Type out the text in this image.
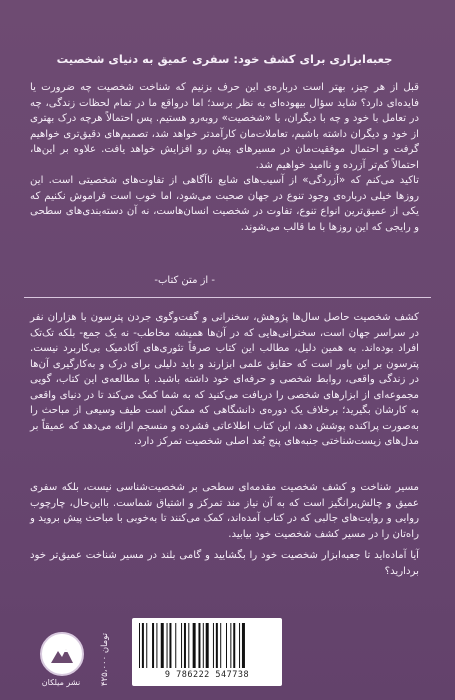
جعبه‌ابزاری برای کشف خود: سفری عمیق به دنیای شخصیت
قبل از هر چیز، بهتر است درباره‌ی این حرف بزنیم که شناخت شخصیت چه ضرورت یا فایده‌ای دارد؟ شاید سؤال بیهوده‌ای به نظر برسد؛ اما درواقع ما در تمام لحظات زندگی، چه در تعامل با خود و چه با دیگران، با «شخصیت» روبه‌رو هستیم. پس احتمالاً هرچه درک بهتری از خود و دیگران داشته باشیم، تعاملات‌مان کارآمدتر خواهد شد، تصمیم‌های دقیق‌تری خواهیم گرفت و احتمال موفقیت‌مان در مسیرهای پیش رو افزایش خواهد یافت. علاوه بر این‌ها، احتمالاً کم‌تر آزرده و ناامید خواهیم شد.
تاکید می‌کنم که «آزردگی» از آسیب‌های شایع ناآگاهی از تفاوت‌های شخصیتی است. این روزها خیلی درباره‌ی وجود تنوع در جهان صحبت می‌شود، اما خوب است فراموش نکنیم که یکی از عمیق‌ترین انواع تنوع، تفاوت در شخصیت انسان‌هاست، نه آن دسته‌بندی‌های سطحی و رایجی که این روزها با ما قالب می‌شوند.
- از متن کتاب-
کشف شخصیت حاصل سال‌ها پژوهش، سخنرانی و گفت‌وگوی جردن پترسون با هزاران نفر در سراسر جهان است، سخنرانی‌هایی که در آن‌ها همیشه مخاطب- نه یک جمع- بلکه تک‌تک افراد بوده‌اند. به همین دلیل، مطالب این کتاب صرفاً تئوری‌های آکادمیک بی‌کاربرد نیست. پترسون بر این باور است که حقایق علمی ابزارند و باید دلیلی برای درک و به‌کارگیری آن‌ها در زندگی واقعی، روابط شخصی و حرفه‌ای خود داشته باشید. با مطالعه‌ی این کتاب، گویی مجموعه‌ای از ابزارهای شخصی را دریافت می‌کنید که به شما کمک می‌کند تا در دنیای واقعی به کارشان بگیرید؛ برخلاف یک دوره‌ی دانشگاهی که ممکن است طیف وسیعی از مباحث را به‌صورت پراکنده پوشش دهد، این کتاب اطلاعاتی فشرده و منسجم ارائه می‌دهد که عمیقاً بر مدل‌های زیست‌شناختی جنبه‌های پنج بُعد اصلی شخصیت تمرکز دارد.
مسیر شناخت و کشف شخصیت مقدمه‌ای سطحی بر شخصیت‌شناسی نیست، بلکه سفری عمیق و چالش‌برانگیز است که به آن نیاز مند تمرکز و اشتیاق شماست. بااین‌حال، چارچوب روایی و روایت‌های جالبی که در کتاب آمده‌اند، کمک می‌کنند تا به‌خوبی با مباحث پیش بروید و راه‌تان را در مسیر کشف شخصیت خود بیابید.
آیا آماده‌اید تا جعبه‌ابزار شخصیت خود را بگشایید و گامی بلند در مسیر شناخت عمیق‌تر خود بردارید؟
نشر میلکان	۴۲۵،۰۰۰ تومان
9 786222 547738
